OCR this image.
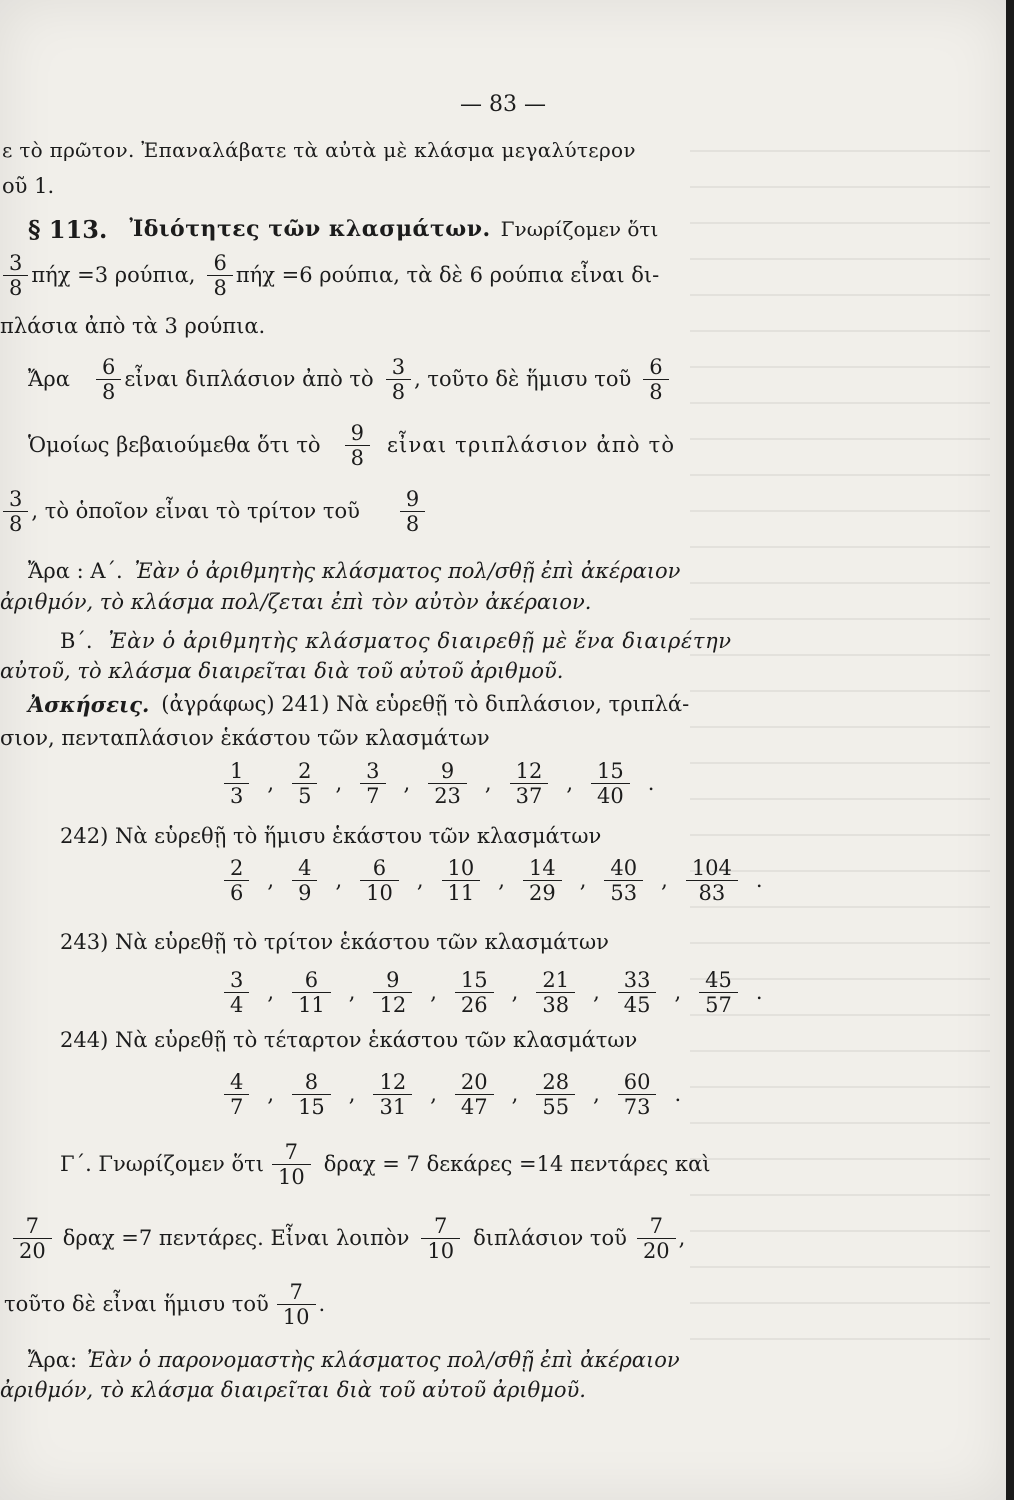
— 83 —
ε τὸ πρῶτον. Ἐπαναλάβατε τὰ αὐτὰ μὲ κλάσμα μεγαλύτερον
οῦ 1.
§ 113. Ἰδιότητες τῶν κλασμάτων. Γνωρίζομεν ὅτι
3
8
πήχ =3 ρούπια,
6
8
πήχ =6 ρούπια, τὰ δὲ 6 ρούπια εἶναι δι-
πλάσια ἀπὸ τὰ 3 ρούπια.
Ἄρα
6
8
εἶναι διπλάσιον ἀπὸ τὸ
3
8
, τοῦτο δὲ ἥμισυ τοῦ
6
8
Ὁμοίως βεβαιούμεθα ὅτι τὸ
9
8
εἶναι τριπλάσιον ἀπὸ τὸ
3
8
, τὸ ὁποῖον εἶναι τὸ τρίτον τοῦ
9
8
Ἄρα : Α΄. Ἐὰν ὁ ἀριθμητὴς κλάσματος πολ/σθῇ ἐπὶ ἀκέραιον
ἀριθμόν, τὸ κλάσμα πολ/ζεται ἐπὶ τὸν αὐτὸν ἀκέραιον.
Β΄. Ἐὰν ὁ ἀριθμητὴς κλάσματος διαιρεθῇ μὲ ἕνα διαιρέτην
αὐτοῦ, τὸ κλάσμα διαιρεῖται διὰ τοῦ αὐτοῦ ἀριθμοῦ.
Ἀσκήσεις. (ἀγράφως) 241) Νὰ εὑρεθῇ τὸ διπλάσιον, τριπλά-
σιον, πενταπλάσιον ἑκάστου τῶν κλασμάτων
$\frac{1}{3}$ , $\frac{2}{5}$ , $\frac{3}{7}$ , $\frac{9}{23}$ , $\frac{12}{37}$ , $\frac{15}{40}$ .
242) Νὰ εὑρεθῇ τὸ ἥμισυ ἑκάστου τῶν κλασμάτων
$\frac{2}{6}$ , $\frac{4}{9}$ , $\frac{6}{10}$ , $\frac{10}{11}$ , $\frac{14}{29}$ , $\frac{40}{53}$ , $\frac{104}{83}$ .
243) Νὰ εὑρεθῇ τὸ τρίτον ἑκάστου τῶν κλασμάτων
$\frac{3}{4}$ , $\frac{6}{11}$ , $\frac{9}{12}$ , $\frac{15}{26}$ , $\frac{21}{38}$ , $\frac{33}{45}$ , $\frac{45}{57}$ .
244) Νὰ εὑρεθῇ τὸ τέταρτον ἑκάστου τῶν κλασμάτων
$\frac{4}{7}$ , $\frac{8}{15}$ , $\frac{12}{31}$ , $\frac{20}{47}$ , $\frac{28}{55}$ , $\frac{60}{73}$ .
Γ΄. Γνωρίζομεν ὅτι
7
10
δραχ = 7 δεκάρες =14 πεντάρες καὶ
7
20
δραχ =7 πεντάρες. Εἶναι λοιπὸν
7
10
διπλάσιον τοῦ
7
20
,
τοῦτο δὲ εἶναι ἥμισυ τοῦ
7
10
.
Ἄρα: Ἐὰν ὁ παρονομαστὴς κλάσματος πολ/σθῇ ἐπὶ ἀκέραιον
ἀριθμόν, τὸ κλάσμα διαιρεῖται διὰ τοῦ αὐτοῦ ἀριθμοῦ.
